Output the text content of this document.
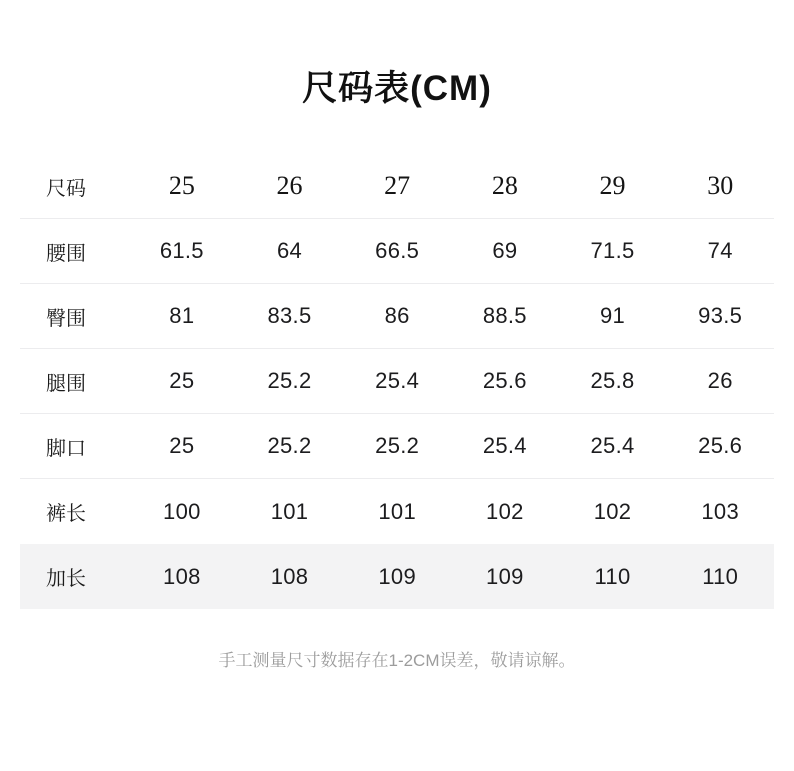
尺码表(CM)
尺码	25	26	27	28	29	30
腰围	61.5	64	66.5	69	71.5	74
臀围	81	83.5	86	88.5	91	93.5
腿围	25	25.2	25.4	25.6	25.8	26
脚口	25	25.2	25.2	25.4	25.4	25.6
裤长	100	101	101	102	102	103
加长	108	108	109	109	110	110

手工测量尺寸数据存在1-2CM误差，敬请谅解。
